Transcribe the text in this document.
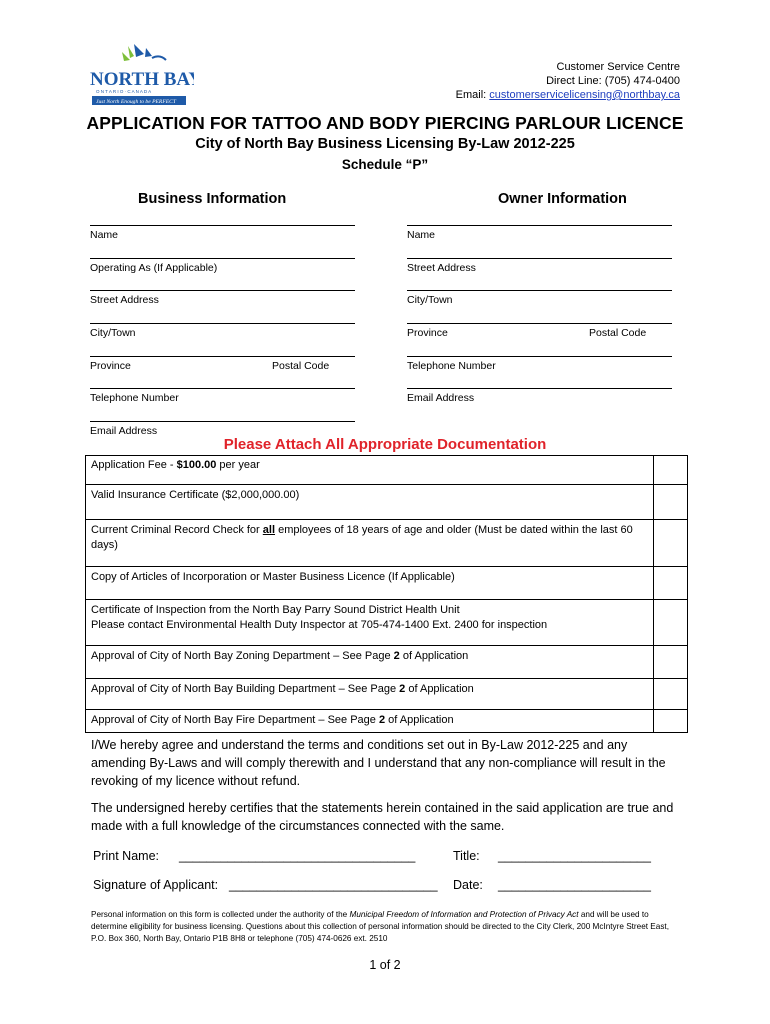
NORTH BAY
O N T A R I O · C A N A D A
Just North Enough to be PERFECT
Customer Service Centre
Direct Line: (705) 474-0400
Email: customerservicelicensing@northbay.ca
APPLICATION FOR TATTOO AND BODY PIERCING PARLOUR LICENCE
City of North Bay Business Licensing By-Law 2012-225
Schedule “P”
Business Information	Owner Information
Name
Operating As (If Applicable)
Street Address
City/Town
Province	Postal Code
Telephone Number
Email Address
Name
Street Address
City/Town
Province	Postal Code
Telephone Number
Email Address
Please Attach All Appropriate Documentation
Application Fee - $100.00 per year	
Valid Insurance Certificate ($2,000,000.00)	
Current Criminal Record Check for all employees of 18 years of age and older (Must be dated within the last 60 days)	
Copy of Articles of Incorporation or Master Business Licence (If Applicable)	

Certificate of Inspection from the North Bay Parry Sound District Health Unit
Please contact Environmental Health Duty Inspector at 705-474-1400 Ext. 2400 for inspection	

Approval of City of North Bay Zoning Department – See Page 2 of Application	
Approval of City of North Bay Building Department – See Page 2 of Application	
Approval of City of North Bay Fire Department – See Page 2 of Application	
I/We hereby agree and understand the terms and conditions set out in By-Law 2012-225 and any amending By-Laws and will comply therewith and I understand that any non-compliance will result in the revoking of my licence without refund.
The undersigned hereby certifies that the statements herein contained in the said application are true and made with a full knowledge of the circumstances connected with the same.
Print Name: __________________________________	Title: ______________________
Signature of Applicant: ______________________________ Date: ______________________
Personal information on this form is collected under the authority of the Municipal Freedom of Information and Protection of Privacy Act and will be used to determine eligibility for business licensing. Questions about this collection of personal information should be directed to the City Clerk, 200 McIntyre Street East, P.O. Box 360, North Bay, Ontario P1B 8H8 or telephone (705) 474-0626 ext. 2510
1 of 2
